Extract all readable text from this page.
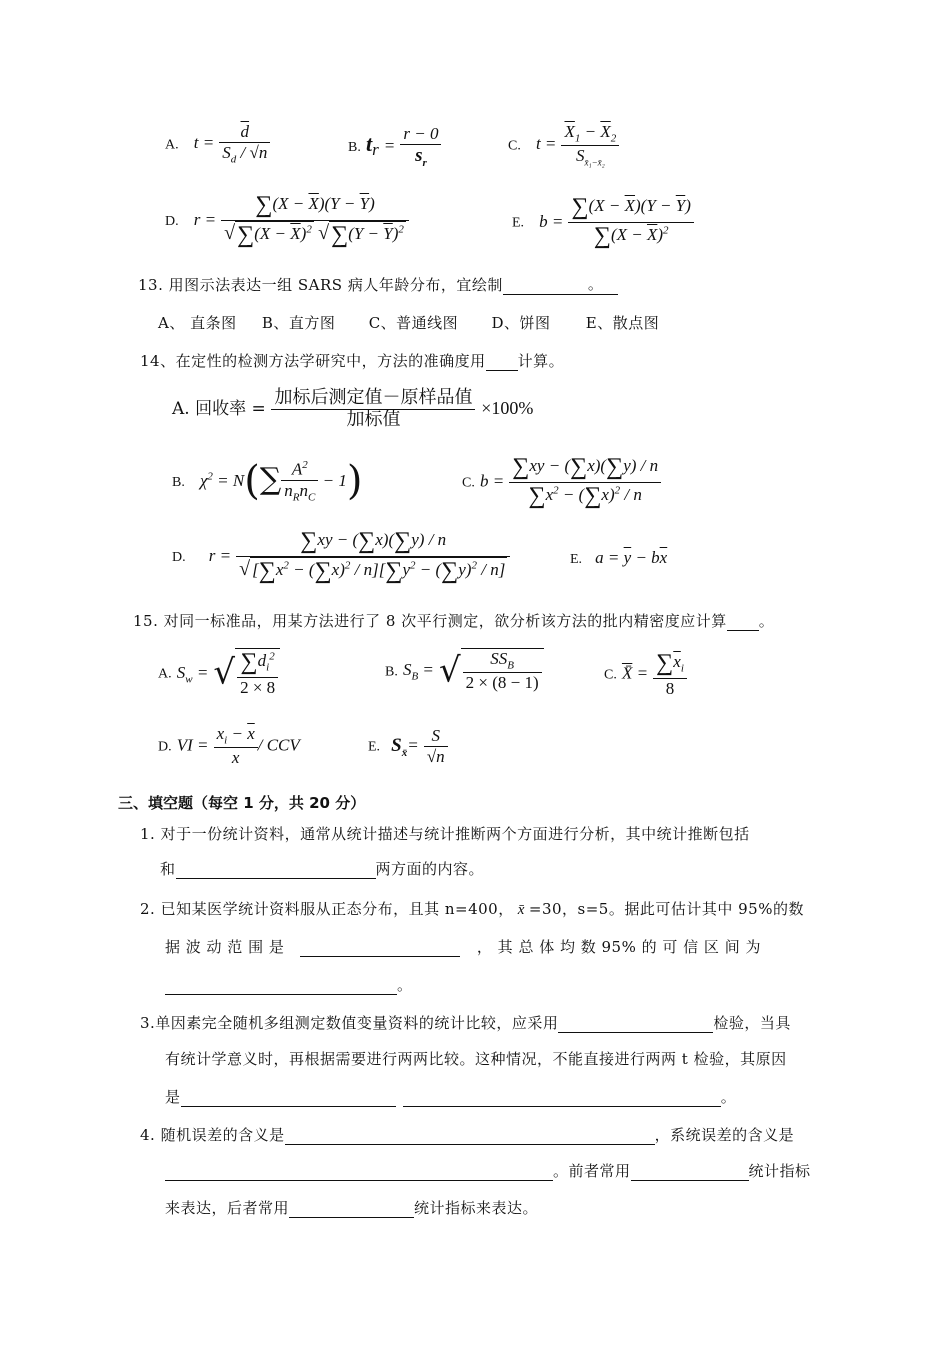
A. $t = \frac{\overline{d}}{S_d / √n}$	B. $t_r = \frac{r - 0}{s_r}$	C. $t = \frac{\overline{X}_1 - \overline{X}_2}{S_{x̄_1-x̄_2}}$
D. $r = \frac{\sum(X - \overline{X})(Y - \overline{Y})}{√\sum(X - \overline{X})^2 √\sum(Y - \overline{Y})^2}$	E. $b = \frac{\sum(X - \overline{X})(Y - \overline{Y})}{\sum(X - \overline{X})^2}$
13. 用图示法表达一组 SARS 病人年龄分布，宜绘制	。
A、 直条图 B、直方图 C、普通线图 D、饼图 E、散点图
14、在定性的检测方法学研究中，方法的准确度用 计算。
A. 回收率 = $\frac{\text{加标后测定值－原样品值}}{\text{加标值}} \times 100\%$
B. $\chi^2 = N(\sum \frac{A^2}{n_Rn_C} - 1)$	C. $b = \frac{\sum xy - (\sum x)(\sum y) / n}{\sum x^2 - (\sum x)^2 / n}$
D. $r = \frac{\sum xy - (\sum x)(\sum y) / n}{√ [\sum x^2 - (\sum x)^2 / n][\sum y^2 - (\sum y)^2 / n]}$	E. $a = \overline{y} - b\overline{x}$
15. 对同一标准品，用某方法进行了 8 次平行测定，欲分析该方法的批内精密度应计算 。
A. $S_w$ = √ $\frac{\sum d_i^2}{2 \times 8}$	B. $S_B$ = √ $\frac{SS_B}{2 \times (8 - 1)}$	C. X̄ = $\frac{\sum\overline{x}_i}{8}$
D. VI = $\frac{x_i - \overline{x}}{x}$ / CCV	E. $S_{x̄}= \frac{S}{√n}$
三、填空题（每空 1 分，共 20 分）
1. 对于一份统计资料，通常从统计描述与统计推断两个方面进行分析，其中统计推断包括
和	两方面的内容。
2. 已知某医学统计资料服从正态分布，且其 n=400， x̄ =30，s=5。据此可估计其中 95%的数
据 波 动 范 围 是	， 其 总 体 均 数 95% 的 可 信 区 间 为
。
3.单因素完全随机多组测定数值变量资料的统计比较，应采用	检验，当具
有统计学意义时，再根据需要进行两两比较。这种情况，不能直接进行两两 t 检验，其原因
是	。
4. 随机误差的含义是	，系统误差的含义是
。前者常用	统计指标
来表达，后者常用	统计指标来表达。
